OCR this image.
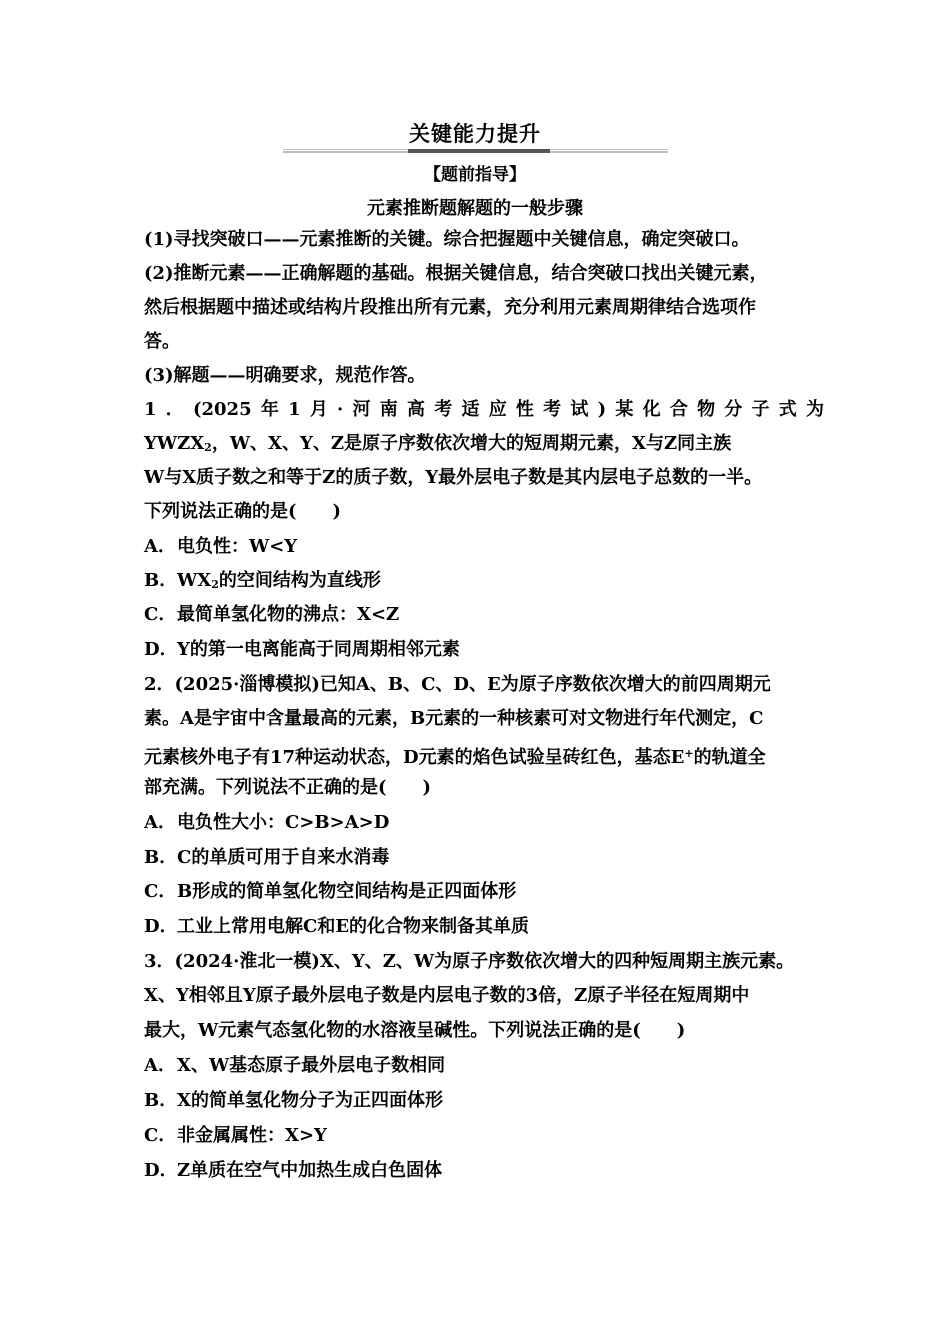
关键能力提升
【题前指导】
元素推断题解题的一般步骤
(1)寻找突破口——元素推断的关键。综合把握题中关键信息，确定突破口。
(2)推断元素——正确解题的基础。根据关键信息，结合突破口找出关键元素，
然后根据题中描述或结构片段推出所有元素，充分利用元素周期律结合选项作
答。
(3)解题——明确要求，规范作答。
1．(2025年1月·河南高考适应性考试)某化合物分子式为
$YWZX_2$，W、X、Y、Z是原子序数依次增大的短周期元素，X与Z同主族
W与X质子数之和等于Z的质子数，Y最外层电子数是其内层电子总数的一半。
下列说法正确的是(　　)
A．电负性：W<Y
B．$WX_2$的空间结构为直线形
C．最简单氢化物的沸点：X<Z
D．Y的第一电离能高于同周期相邻元素
2．(2025·淄博模拟)已知A、B、C、D、E为原子序数依次增大的前四周期元
素。A是宇宙中含量最高的元素，B元素的一种核素可对文物进行年代测定，C
元素核外电子有17种运动状态，D元素的焰色试验呈砖红色，基态E+的轨道全
部充满。下列说法不正确的是(　　)
A．电负性大小：C>B>A>D
B．C的单质可用于自来水消毒
C．B形成的简单氢化物空间结构是正四面体形
D．工业上常用电解C和E的化合物来制备其单质
3．(2024·淮北一模)X、Y、Z、W为原子序数依次增大的四种短周期主族元素。
X、Y相邻且Y原子最外层电子数是内层电子数的3倍，Z原子半径在短周期中
最大，W元素气态氢化物的水溶液呈碱性。下列说法正确的是(　　)
A．X、W基态原子最外层电子数相同
B．X的简单氢化物分子为正四面体形
C．非金属属性：X>Y
D．Z单质在空气中加热生成白色固体
